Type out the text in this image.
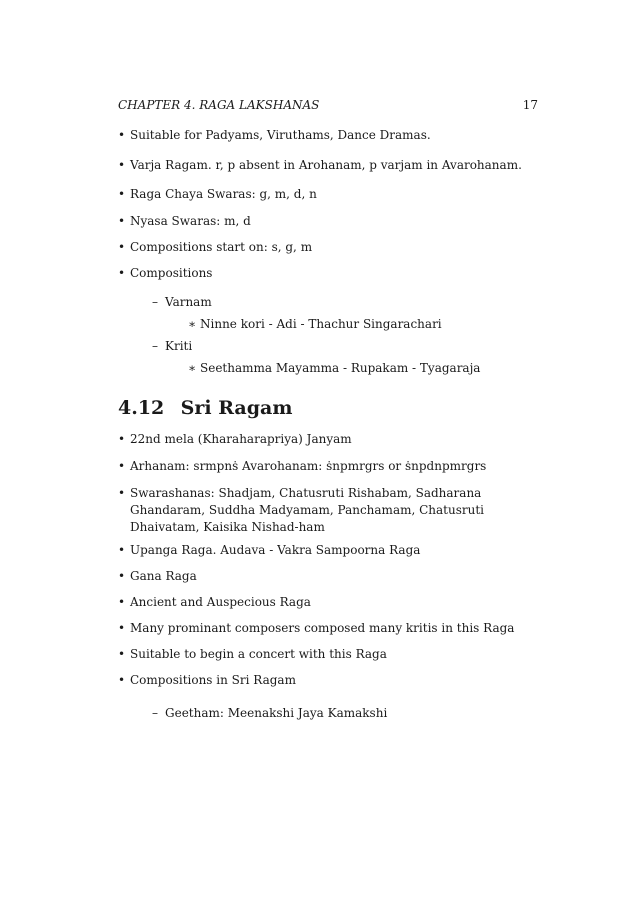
CHAPTER 4. RAGA LAKSHANAS	17
• Suitable for Padyams, Viruthams, Dance Dramas.
• Varja Ragam. r, p absent in Arohanam, p varjam in Avarohanam.
• Raga Chaya Swaras: g, m, d, n
• Nyasa Swaras: m, d
• Compositions start on: s, g, m
• Compositions
– Varnam
∗ Ninne kori - Adi - Thachur Singarachari
– Kriti
∗ Seethamma Mayamma - Rupakam - Tyagaraja
4.12 Sri Ragam
• 22nd mela (Kharaharapriya) Janyam
• Arhanam: srmpnṡ Avarohanam: ṡnpmrgrs or ṡnpdnpmrgrs
• Swarashanas: Shadjam, Chatusruti Rishabam, Sadharana Ghandaram, Suddha Madyamam, Panchamam, Chatusruti Dhaivatam, Kaisika Nishad-ham
• Upanga Raga. Audava - Vakra Sampoorna Raga
• Gana Raga
• Ancient and Auspecious Raga
• Many prominant composers composed many kritis in this Raga
• Suitable to begin a concert with this Raga
• Compositions in Sri Ragam
– Geetham: Meenakshi Jaya Kamakshi
